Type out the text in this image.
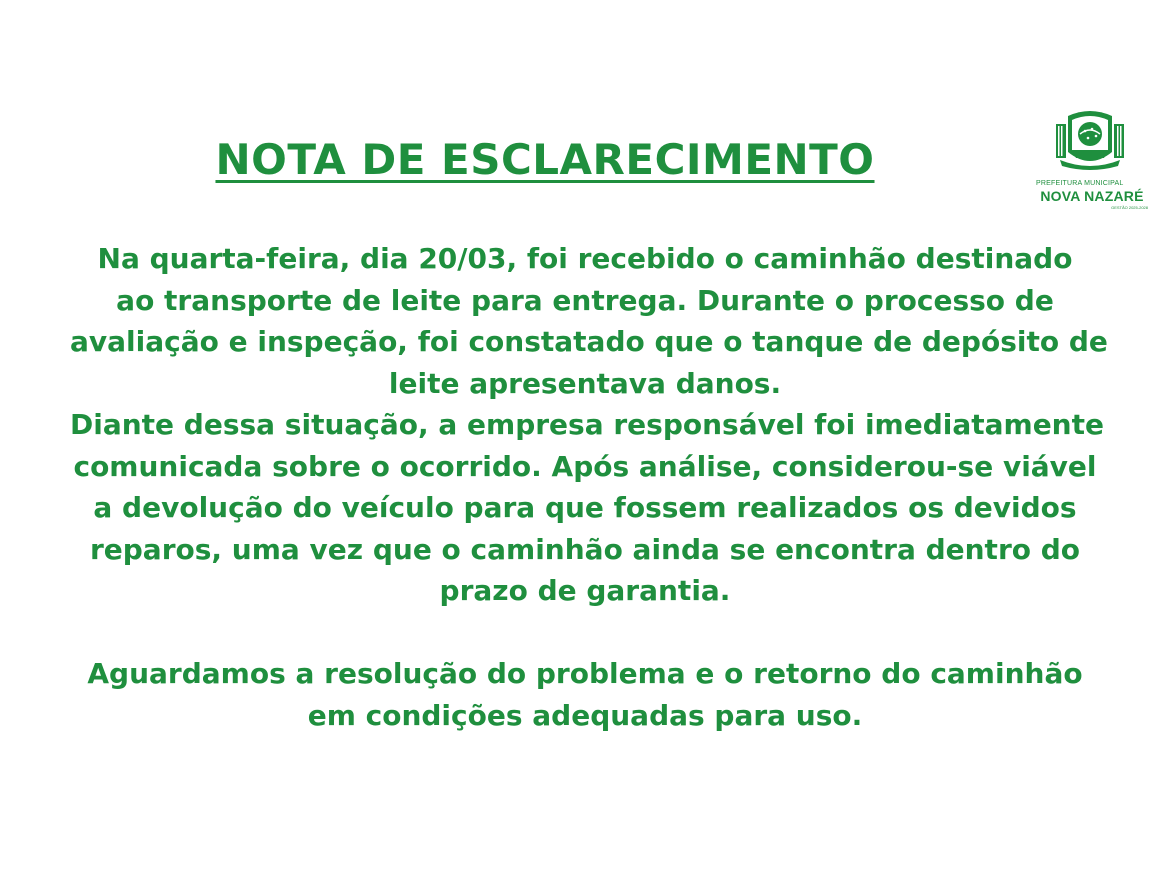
NOTA DE ESCLARECIMENTO
Na quarta-feira, dia 20/03, foi recebido o caminhão destinado
ao transporte de leite para entrega. Durante o processo de
avaliação e inspeção, foi constatado que o tanque de depósito de
leite apresentava danos.
Diante dessa situação, a empresa responsável foi imediatamente
comunicada sobre o ocorrido. Após análise, considerou-se viável
a devolução do veículo para que fossem realizados os devidos
reparos, uma vez que o caminhão ainda se encontra dentro do
prazo de garantia.
Aguardamos a resolução do problema e o retorno do caminhão
em condições adequadas para uso.
PREFEITURA MUNICIPAL
NOVA NAZARÉ
GESTÃO 2025-2028
